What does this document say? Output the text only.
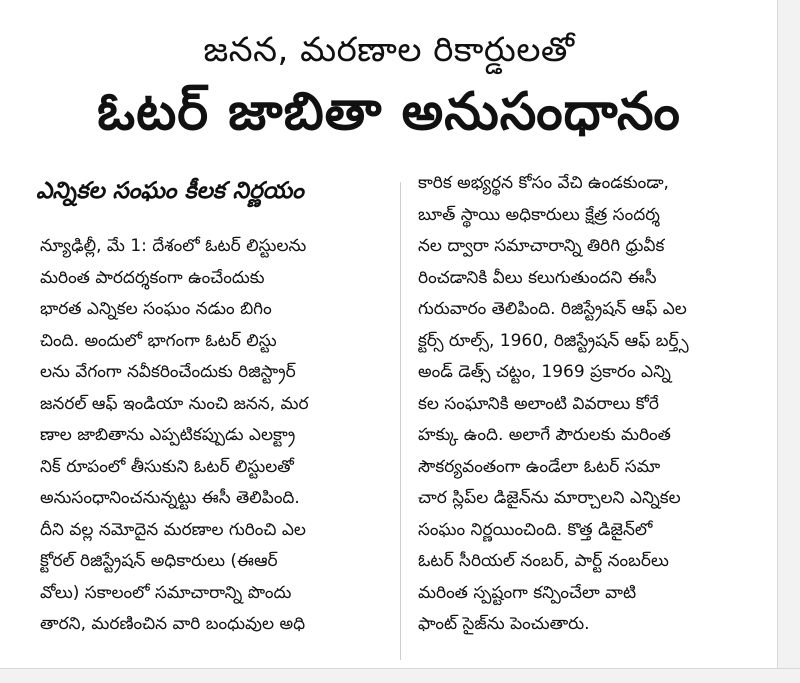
జనన, మరణాల రికార్డులతో
ఓటర్ జాబితా అనుసంధానం
ఎన్నికల సంఘం కీలక నిర్ణయం
న్యూఢిల్లీ, మే 1: దేశంలో ఓటర్ లిస్టులను
మరింత పారదర్శకంగా ఉంచేందుకు
భారత ఎన్నికల సంఘం నడుం బిగిం
చింది. అందులో భాగంగా ఓటర్ లిస్టు
లను వేగంగా నవీకరించేందుకు రిజిస్ట్రార్
జనరల్ ఆఫ్ ఇండియా నుంచి జనన, మర
ణాల జాబితాను ఎప్పటికప్పుడు ఎలక్ట్రా
నిక్ రూపంలో తీసుకుని ఓటర్ లిస్టులతో
అనుసంధానించనున్నట్టు ఈసీ తెలిపింది.
దీని వల్ల నమోదైన మరణాల గురించి ఎల
క్టోరల్ రిజిస్ట్రేషన్ అధికారులు (ఈఆర్
వోలు) సకాలంలో సమాచారాన్ని పొందు
తారని, మరణించిన వారి బంధువుల అధి
కారిక అభ్యర్థన కోసం వేచి ఉండకుండా,
బూత్ స్థాయి అధికారులు క్షేత్ర సందర్శ
నల ద్వారా సమాచారాన్ని తిరిగి ధ్రువీక
రించడానికి వీలు కలుగుతుందని ఈసీ
గురువారం తెలిపింది. రిజిస్ట్రేషన్ ఆఫ్ ఎల
క్టర్స్ రూల్స్, 1960, రిజిస్ట్రేషన్ ఆఫ్ బర్త్స్
అండ్ డెత్స్ చట్టం, 1969 ప్రకారం ఎన్ని
కల సంఘానికి అలాంటి వివరాలు కోరే
హక్కు ఉంది. అలాగే పౌరులకు మరింత
సౌకర్యవంతంగా ఉండేలా ఓటర్ సమా
చార స్లిప్‌ల డిజైన్‌ను మార్చాలని ఎన్నికల
సంఘం నిర్ణయించింది. కొత్త డిజైన్‌లో
ఓటర్ సీరియల్ నంబర్, పార్ట్ నంబర్‌లు
మరింత స్పష్టంగా కన్పించేలా వాటి
ఫాంట్ సైజ్‌ను పెంచుతారు.
